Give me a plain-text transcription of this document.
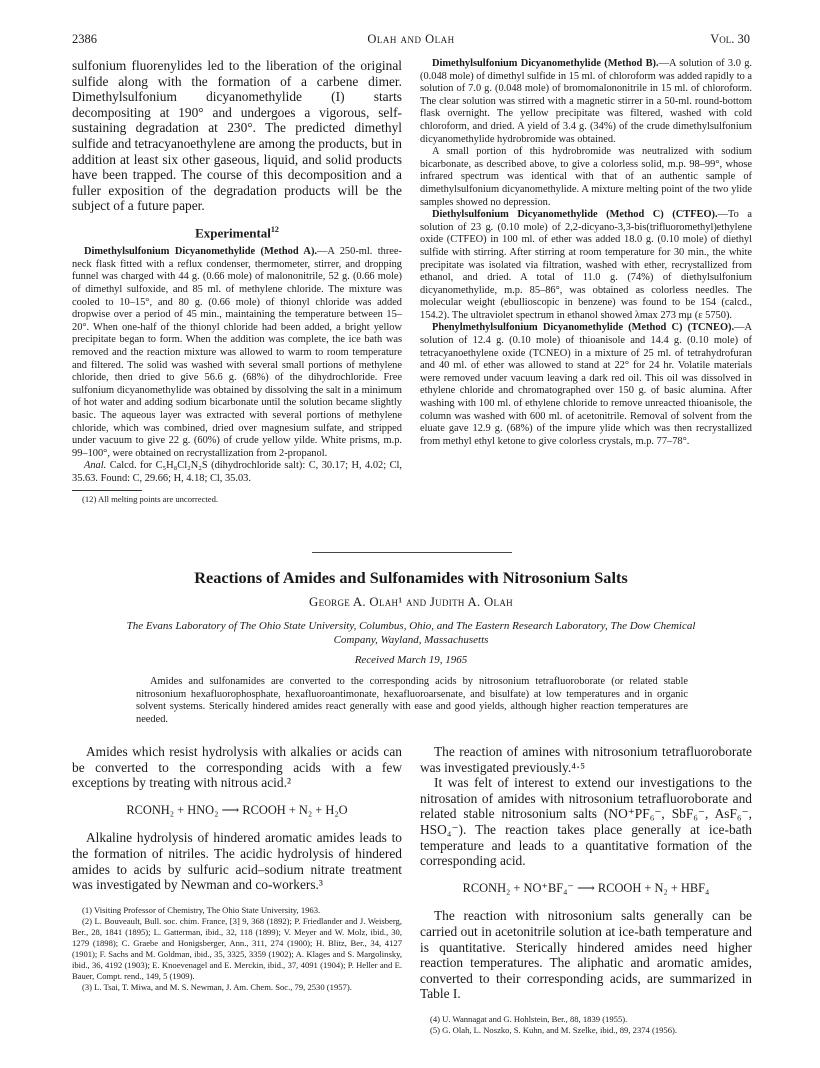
2386	Olah and Olah	Vol. 30

sulfonium fluorenylides led to the liberation of the original sulfide along with the formation of a carbene dimer. Dimethylsulfonium dicyanomethylide (I) starts decompositing at 190° and undergoes a vigorous, self-sustaining degradation at 230°. The predicted dimethyl sulfide and tetracyanoethylene are among the products, but in addition at least six other gaseous, liquid, and solid products have been trapped. The course of this decomposition and a fuller exposition of the degradation products will be the subject of a future paper.

Experimental$^{12}$

Dimethylsulfonium Dicyanomethylide (Method A).—A 250-ml. three-neck flask fitted with a reflux condenser, thermometer, stirrer, and dropping funnel was charged with 44 g. (0.66 mole) of malononitrile, 52 g. (0.66 mole) of dimethyl sulfoxide, and 85 ml. of methylene chloride. The mixture was cooled to 10–15°, and 80 g. (0.66 mole) of thionyl chloride was added dropwise over a period of 45 min., maintaining the temperature between 15–20°. When one-half of the thionyl chloride had been added, a bright yellow precipitate began to form. When the addition was complete, the ice bath was removed and the reaction mixture was allowed to warm to room temperature and filtered. The solid was washed with several small portions of methylene chloride, then dried to give 56.6 g. (68%) of the dihydrochloride. Free sulfonium dicyanomethylide was obtained by dissolving the salt in a minimum of hot water and adding sodium bicarbonate until the solution became slightly basic. The aqueous layer was extracted with several portions of methylene chloride, which was combined, dried over magnesium sulfate, and stripped under vacuum to give 22 g. (60%) of crude yellow yilde. White prisms, m.p. 99–100°, were obtained on recrystallization from 2-propanol.

Anal. Calcd. for C₅H₈Cl₂N₂S (dihydrochloride salt): C, 30.17; H, 4.02; Cl, 35.63. Found: C, 29.66; H, 4.18; Cl, 35.03.

(12) All melting points are uncorrected.

Dimethylsulfonium Dicyanomethylide (Method B).—A solution of 3.0 g. (0.048 mole) of dimethyl sulfide in 15 ml. of chloroform was added rapidly to a solution of 7.0 g. (0.048 mole) of bromomalononitrile in 15 ml. of chloroform. The clear solution was stirred with a magnetic stirrer in a 50-ml. round-bottom flask overnight. The yellow precipitate was filtered, washed with cold chloroform, and dried. A yield of 3.4 g. (34%) of the crude dimethylsulfonium dicyanomethylide hydrobromide was obtained.

A small portion of this hydrobromide was neutralized with sodium bicarbonate, as described above, to give a colorless solid, m.p. 98–99°, whose infrared spectrum was identical with that of an authentic sample of dimethylsulfonium dicyanomethylide. A mixture melting point of the two ylide samples showed no depression.

Diethylsulfonium Dicyanomethylide (Method C) (CTFEO).—To a solution of 23 g. (0.10 mole) of 2,2-dicyano-3,3-bis(trifluoromethyl)ethylene oxide (CTFEO) in 100 ml. of ether was added 18.0 g. (0.10 mole) of diethyl sulfide with stirring. After stirring at room temperature for 30 min., the white precipitate was isolated via filtration, washed with ether, recrystallized from ethanol, and dried. A total of 11.0 g. (74%) of diethylsulfonium dicyanomethylide, m.p. 85–86°, was obtained as colorless needles. The molecular weight (ebullioscopic in benzene) was found to be 154 (calcd., 154.2). The ultraviolet spectrum in ethanol showed λmax 273 mμ (ε 5750).

Phenylmethylsulfonium Dicyanomethylide (Method C) (TCNEO).—A solution of 12.4 g. (0.10 mole) of thioanisole and 14.4 g. (0.10 mole) of tetracyanoethylene oxide (TCNEO) in a mixture of 25 ml. of tetrahydrofuran and 40 ml. of ether was allowed to stand at 22° for 24 hr. Volatile materials were removed under vacuum leaving a dark red oil. This oil was dissolved in ethylene chloride and chromatographed over 150 g. of basic alumina. After washing with 100 ml. of ethylene chloride to remove unreacted thioanisole, the column was washed with 600 ml. of acetonitrile. Removal of solvent from the eluate gave 12.9 g. (68%) of the impure ylide which was then recrystallized from methyl ethyl ketone to give colorless crystals, m.p. 77–78°.

Reactions of Amides and Sulfonamides with Nitrosonium Salts
George A. Olah¹ and Judith A. Olah
The Evans Laboratory of The Ohio State University, Columbus, Ohio, and The Eastern Research Laboratory, The Dow Chemical Company, Wayland, Massachusetts
Received March 19, 1965
Amides and sulfonamides are converted to the corresponding acids by nitrosonium tetrafluoroborate (or related stable nitrosonium hexafluorophosphate, hexafluoroantimonate, hexafluoroarsenate, and bisulfate) at low temperatures and in organic solvent systems. Sterically hindered amides react generally with ease and good yields, although higher reaction temperatures are needed.

Amides which resist hydrolysis with alkalies or acids can be converted to the corresponding acids with a few exceptions by treating with nitrous acid.²

RCONH₂ + HNO₂ ⟶ RCOOH + N₂ + H₂O

Alkaline hydrolysis of hindered aromatic amides leads to the formation of nitriles. The acidic hydrolysis of hindered amides to acids by sulfuric acid–sodium nitrate treatment was investigated by Newman and co-workers.³

(1) Visiting Professor of Chemistry, The Ohio State University, 1963.

(2) L. Bouveault, Bull. soc. chim. France, [3] 9, 368 (1892); P. Friedlander and J. Weisberg, Ber., 28, 1841 (1895); L. Gatterman, ibid., 32, 118 (1899); V. Meyer and W. Molz, ibid., 30, 1279 (1898); C. Graebe and Honigsberger, Ann., 311, 274 (1900); H. Blitz, Ber., 34, 4127 (1901); F. Sachs and M. Goldman, ibid., 35, 3325, 3359 (1902); A. Klages and S. Margolinsky, ibid., 36, 4192 (1903); E. Knoevenagel and E. Merckin, ibid., 37, 4091 (1904); P. Heller and E. Bauer, Compt. rend., 149, 5 (1909).

(3) L. Tsai, T. Miwa, and M. S. Newman, J. Am. Chem. Soc., 79, 2530 (1957).

The reaction of amines with nitrosonium tetrafluoroborate was investigated previously.⁴·⁵

It was felt of interest to extend our investigations to the nitrosation of amides with nitrosonium tetrafluoroborate and related stable nitrosonium salts (NO⁺PF₆⁻, SbF₆⁻, AsF₆⁻, HSO₄⁻). The reaction takes place generally at ice-bath temperature and leads to a quantitative formation of the corresponding acid.

RCONH₂ + NO⁺BF₄⁻ ⟶ RCOOH + N₂ + HBF₄

The reaction with nitrosonium salts generally can be carried out in acetonitrile solution at ice-bath temperature and is quantitative. Sterically hindered amides need higher reaction temperatures. The aliphatic and aromatic amides, converted to their corresponding acids, are summarized in Table I.

(4) U. Wannagat and G. Hohlstein, Ber., 88, 1839 (1955).

(5) G. Olah, L. Noszko, S. Kuhn, and M. Szelke, ibid., 89, 2374 (1956).
